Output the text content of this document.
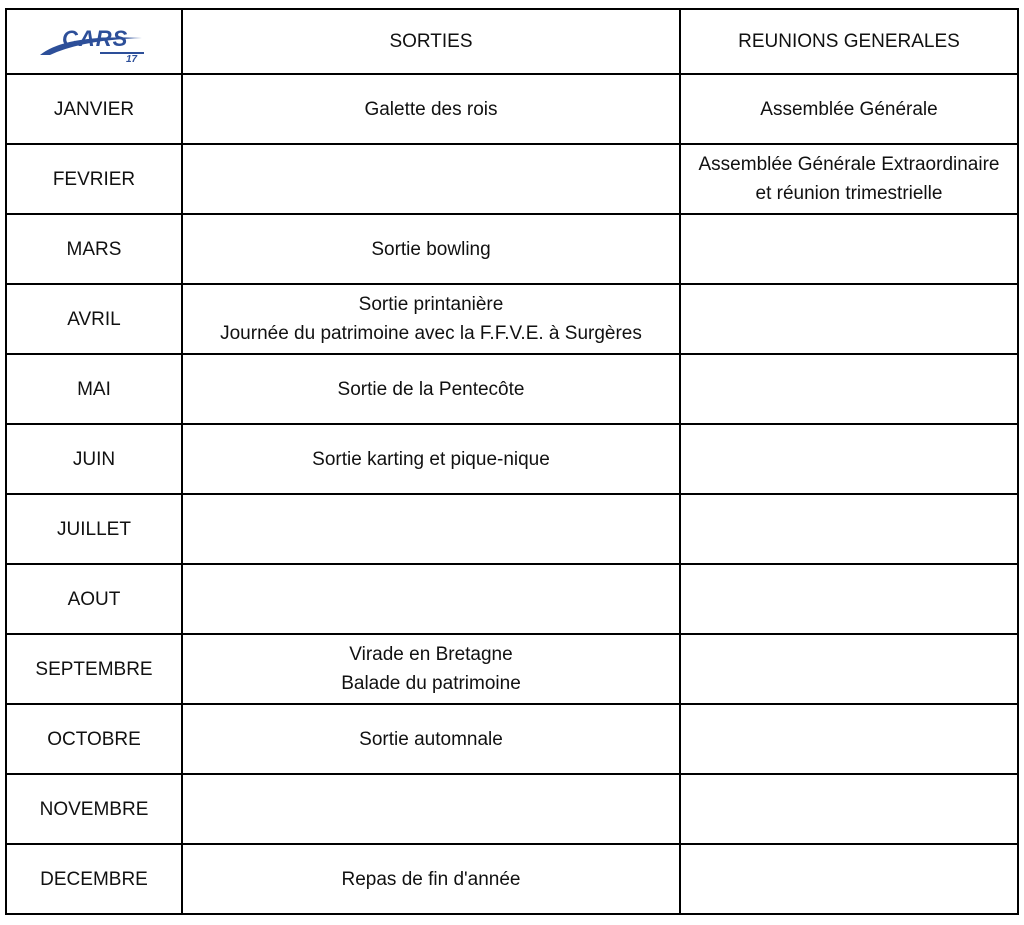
CARS
17	SORTIES	REUNIONS GENERALES
JANVIER	Galette des rois	Assemblée Générale

FEVRIER		Assemblée Générale Extraordinaire
et réunion trimestrielle

MARS	Sortie bowling	

AVRIL	Sortie printanière
Journée du patrimoine avec la F.F.V.E. à Surgères	

MAI	Sortie de la Pentecôte	

JUIN	Sortie karting et pique-nique	

JUILLET		
AOUT		
SEPTEMBRE	Virade en Bretagne
Balade du patrimoine	

OCTOBRE	Sortie automnale	

NOVEMBRE		
DECEMBRE	Repas de fin d'année	
